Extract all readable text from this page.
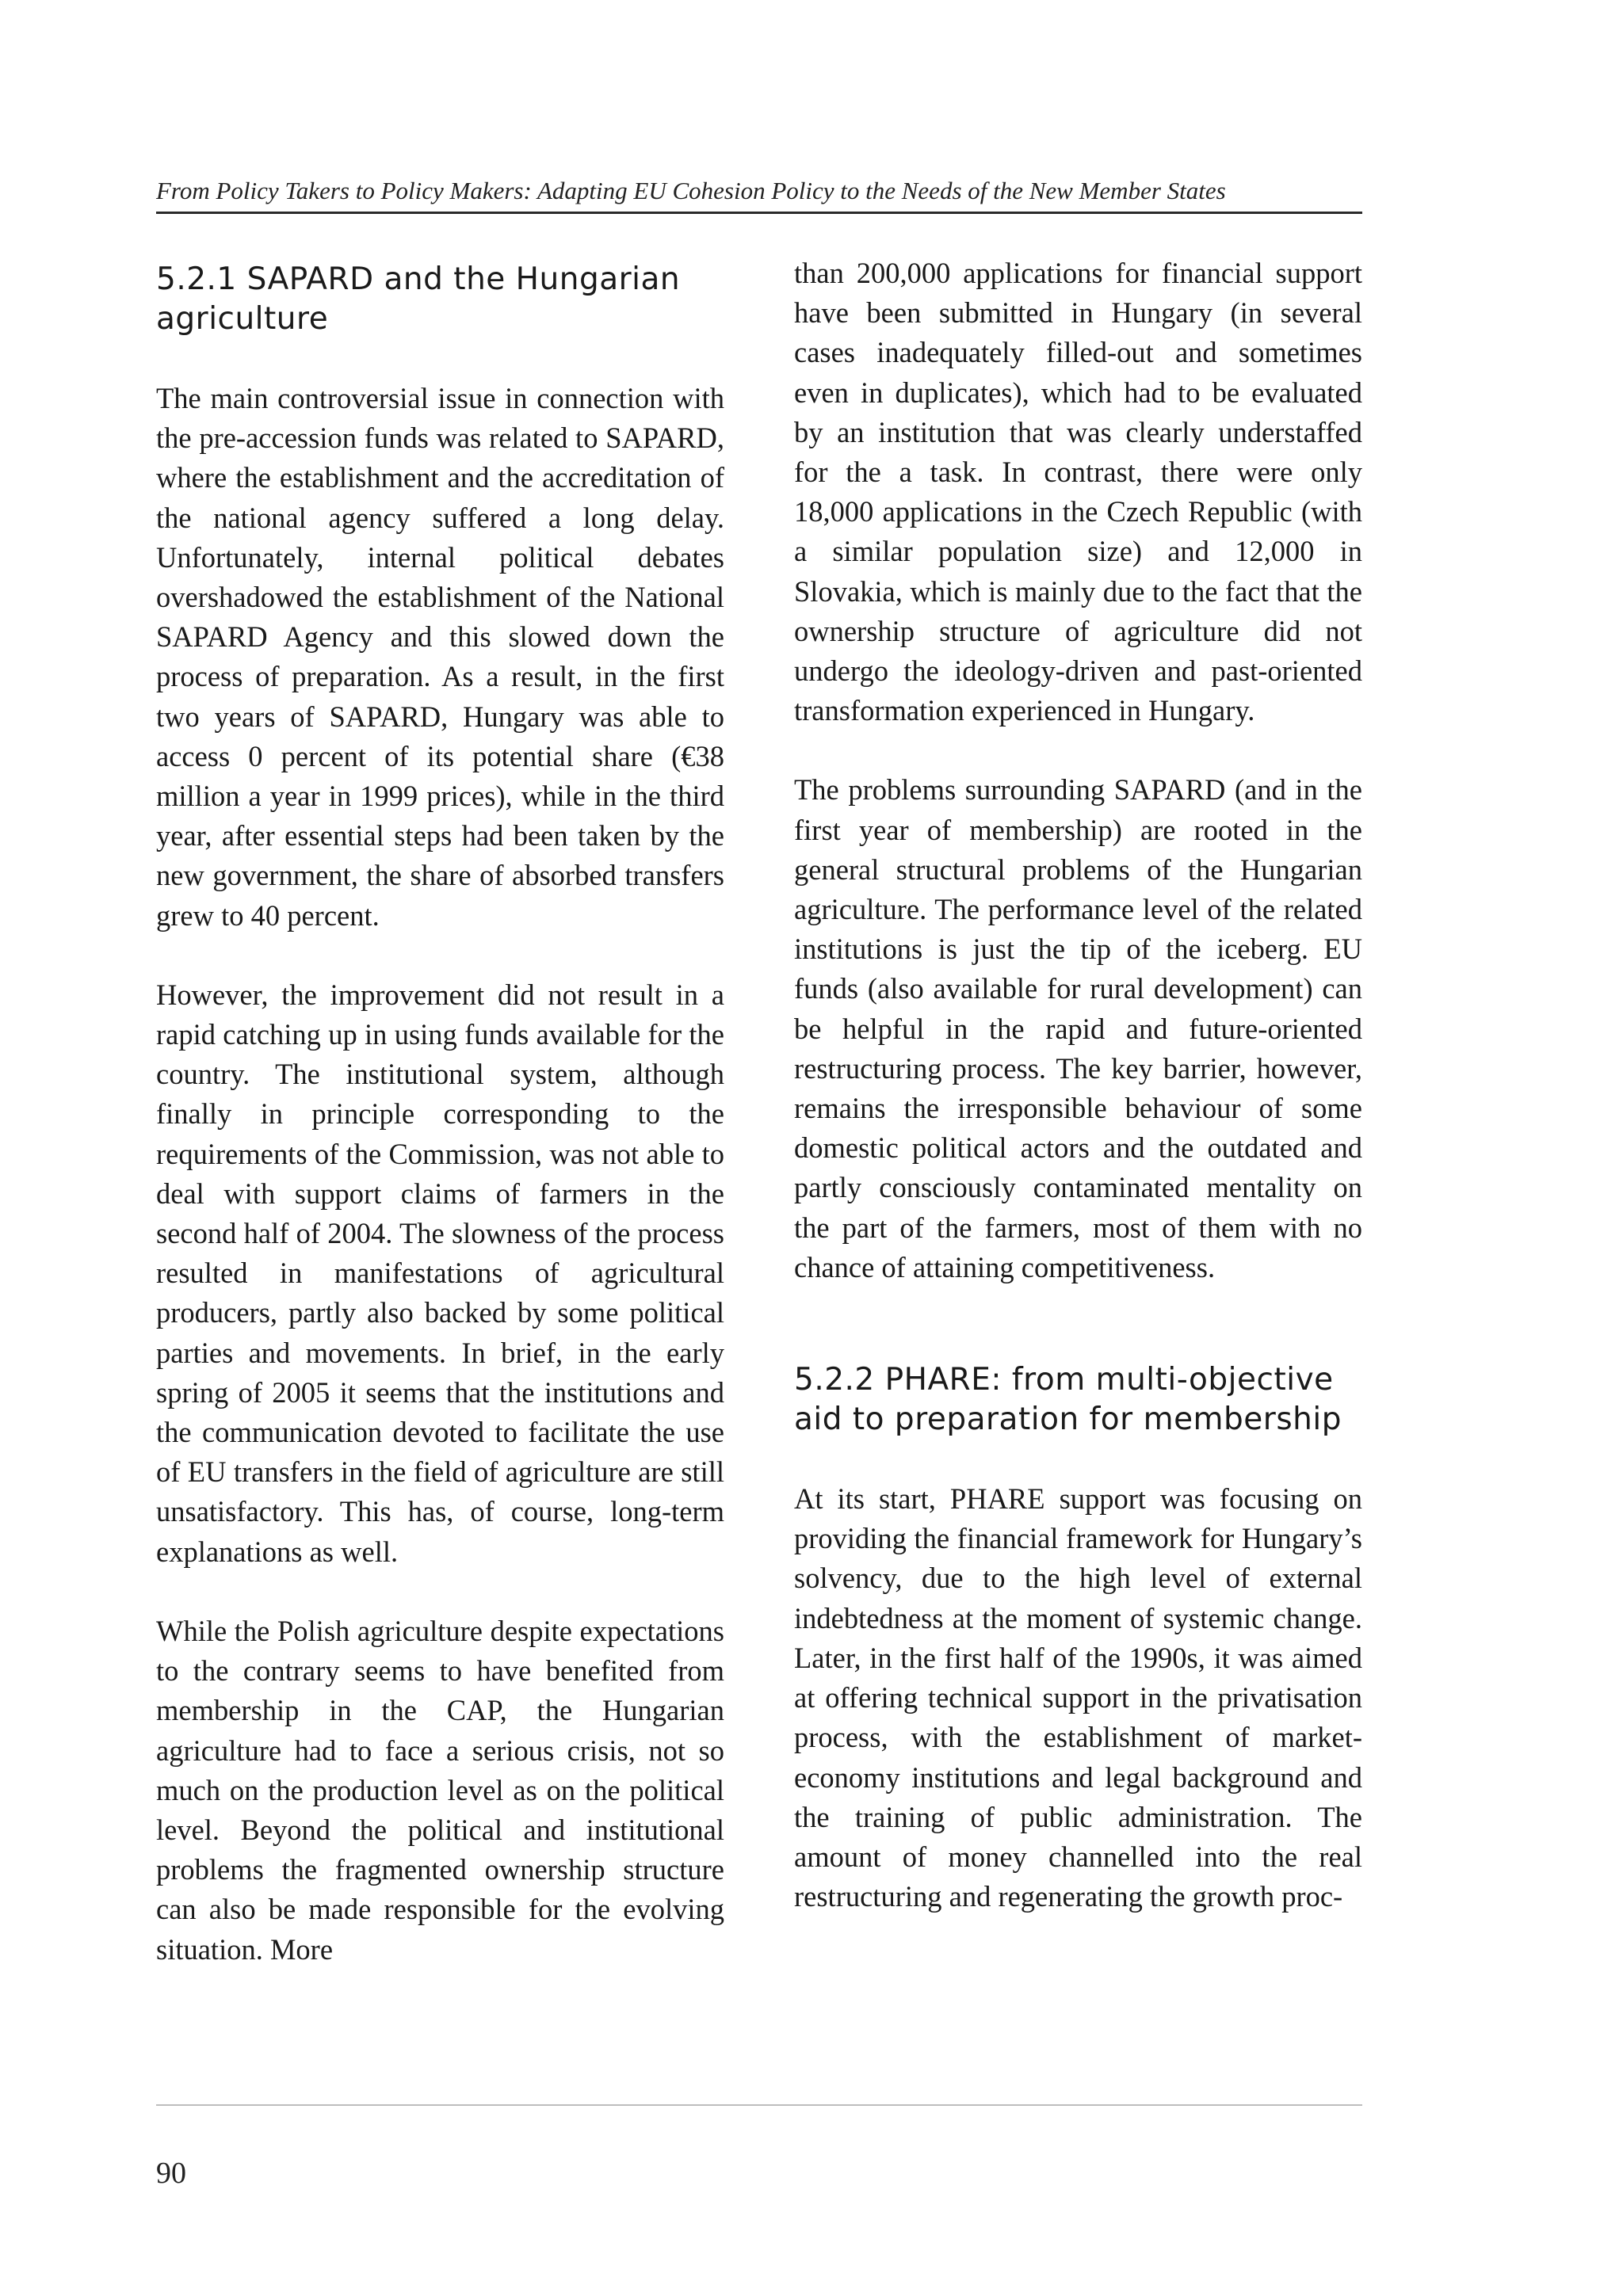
From Policy Takers to Policy Makers: Adapting EU Cohesion Policy to the Needs of the New Member States
5.2.1 SAPARD and the Hungarian agriculture

The main controversial issue in connection with the pre-accession funds was related to SAPARD, where the establishment and the accreditation of the national agency suffered a long delay. Unfortunately, internal political debates overshadowed the establishment of the National SAPARD Agency and this slowed down the process of preparation. As a result, in the first two years of SAPARD, Hungary was able to access 0 percent of its potential share (€38 million a year in 1999 prices), while in the third year, after essential steps had been taken by the new government, the share of absorbed transfers grew to 40 percent.

However, the improvement did not result in a rapid catching up in using funds available for the country. The institutional system, although finally in principle corresponding to the requirements of the Commission, was not able to deal with support claims of farmers in the second half of 2004. The slowness of the process resulted in manifestations of agricultural producers, partly also backed by some political parties and movements. In brief, in the early spring of 2005 it seems that the institutions and the communication devoted to facilitate the use of EU transfers in the field of agriculture are still unsatisfactory. This has, of course, long-term explanations as well.

While the Polish agriculture despite expectations to the contrary seems to have benefited from membership in the CAP, the Hungarian agriculture had to face a serious crisis, not so much on the production level as on the political level. Beyond the political and institutional problems the fragmented ownership structure can also be made responsible for the evolving situation. More

than 200,000 applications for financial support have been submitted in Hungary (in several cases inadequately filled-out and sometimes even in duplicates), which had to be evaluated by an institution that was clearly understaffed for the a task. In contrast, there were only 18,000 applications in the Czech Republic (with a similar population size) and 12,000 in Slovakia, which is mainly due to the fact that the ownership structure of agriculture did not undergo the ideology-driven and past-oriented transformation experienced in Hungary.

The problems surrounding SAPARD (and in the first year of membership) are rooted in the general structural problems of the Hungarian agriculture. The performance level of the related institutions is just the tip of the iceberg. EU funds (also available for rural development) can be helpful in the rapid and future-oriented restructuring process. The key barrier, however, remains the irresponsible behaviour of some domestic political actors and the outdated and partly consciously contaminated mentality on the part of the farmers, most of them with no chance of attaining competitiveness.

5.2.2 PHARE: from multi-objective aid to preparation for membership

At its start, PHARE support was focusing on providing the financial framework for Hungary’s solvency, due to the high level of external indebtedness at the moment of systemic change. Later, in the first half of the 1990s, it was aimed at offering technical support in the privatisation process, with the establishment of market-economy institutions and legal background and the training of public administration. The amount of money channelled into the real restructuring and regenerating the growth proc-

90
